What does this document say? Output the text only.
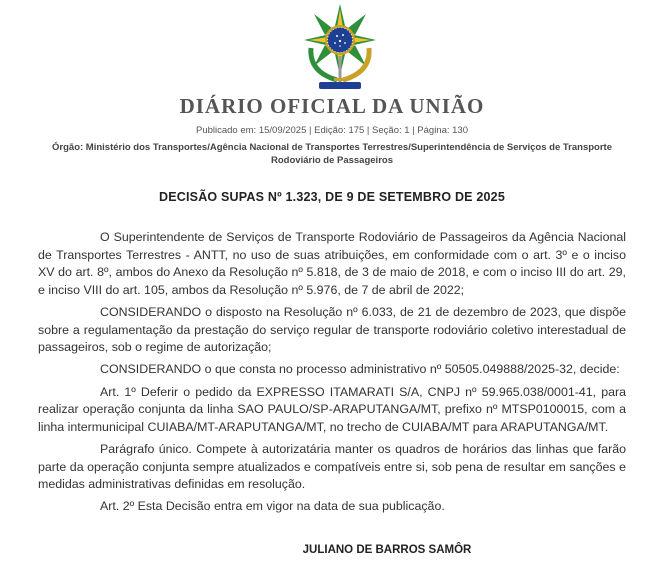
DIÁRIO OFICIAL DA UNIÃO
Publicado em: 15/09/2025 | Edição: 175 | Seção: 1 | Página: 130
Órgão: Ministério dos Transportes/Agência Nacional de Transportes Terrestres/Superintendência de Serviços de Transporte Rodoviário de Passageiros
DECISÃO SUPAS Nº 1.323, DE 9 DE SETEMBRO DE 2025

O Superintendente de Serviços de Transporte Rodoviário de Passageiros da Agência Nacional de Transportes Terrestres - ANTT, no uso de suas atribuições, em conformidade com o art. 3º e o inciso XV do art. 8º, ambos do Anexo da Resolução nº 5.818, de 3 de maio de 2018, e com o inciso III do art. 29, e inciso VIII do art. 105, ambos da Resolução nº 5.976, de 7 de abril de 2022;

CONSIDERANDO o disposto na Resolução nº 6.033, de 21 de dezembro de 2023, que dispõe sobre a regulamentação da prestação do serviço regular de transporte rodoviário coletivo interestadual de passageiros, sob o regime de autorização;

CONSIDERANDO o que consta no processo administrativo nº 50505.049888/2025-32, decide:

Art. 1º Deferir o pedido da EXPRESSO ITAMARATI S/A, CNPJ nº 59.965.038/0001-41, para realizar operação conjunta da linha SAO PAULO/SP-ARAPUTANGA/MT, prefixo nº MTSP0100015, com a linha intermunicipal CUIABA/MT-ARAPUTANGA/MT, no trecho de CUIABA/MT para ARAPUTANGA/MT.

Parágrafo único. Compete à autorizatária manter os quadros de horários das linhas que farão parte da operação conjunta sempre atualizados e compatíveis entre si, sob pena de resultar em sanções e medidas administrativas definidas em resolução.

Art. 2º Esta Decisão entra em vigor na data de sua publicação.

JULIANO DE BARROS SAMÔR
